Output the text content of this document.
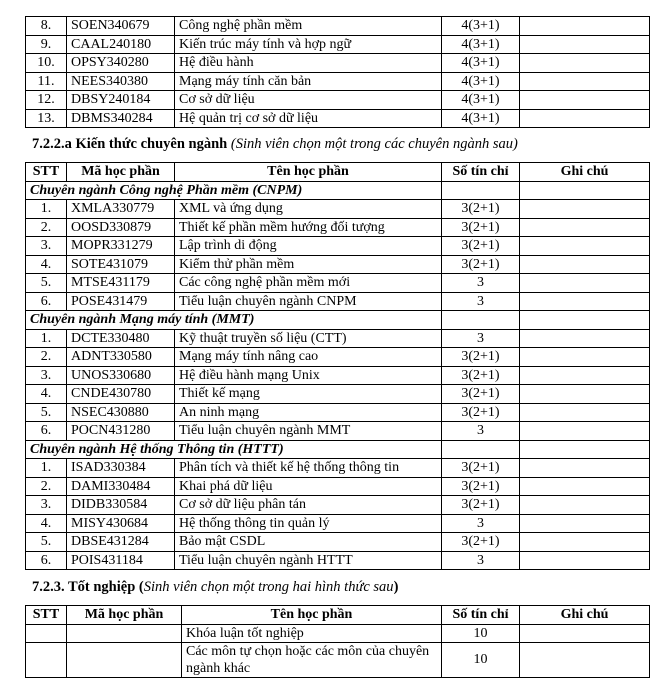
8.	SOEN340679	Công nghệ phần mềm	4(3+1)	
9.	CAAL240180	Kiến trúc máy tính và hợp ngữ	4(3+1)	
10.	OPSY340280	Hệ điều hành	4(3+1)	
11.	NEES340380	Mạng máy tính căn bản	4(3+1)	
12.	DBSY240184	Cơ sở dữ liệu	4(3+1)	
13.	DBMS340284	Hệ quản trị cơ sở dữ liệu	4(3+1)	
7.2.2.a Kiến thức chuyên ngành (Sinh viên chọn một trong các chuyên ngành sau)
STT	Mã học phần	Tên học phần	Số tín chỉ	Ghi chú
Chuyên ngành Công nghệ Phần mềm (CNPM)				
1.	XMLA330779	XML và ứng dụng	3(2+1)	
2.	OOSD330879	Thiết kế phần mềm hướng đối tượng	3(2+1)	
3.	MOPR331279	Lập trình di động	3(2+1)	
4.	SOTE431079	Kiểm thử phần mềm	3(2+1)	
5.	MTSE431179	Các công nghệ phần mềm mới	3	
6.	POSE431479	Tiểu luận chuyên ngành CNPM	3	
Chuyên ngành Mạng máy tính (MMT)				
1.	DCTE330480	Kỹ thuật truyền số liệu (CTT)	3	
2.	ADNT330580	Mạng máy tính nâng cao	3(2+1)	
3.	UNOS330680	Hệ điều hành mạng Unix	3(2+1)	
4.	CNDE430780	Thiết kế mạng	3(2+1)	
5.	NSEC430880	An ninh mạng	3(2+1)	
6.	POCN431280	Tiểu luận chuyên ngành MMT	3	
Chuyên ngành Hệ thống Thông tin (HTTT)				
1.	ISAD330384	Phân tích và thiết kế hệ thống thông tin	3(2+1)	
2.	DAMI330484	Khai phá dữ liệu	3(2+1)	
3.	DIDB330584	Cơ sở dữ liệu phân tán	3(2+1)	
4.	MISY430684	Hệ thống thông tin quản lý	3	
5.	DBSE431284	Bảo mật CSDL	3(2+1)	
6.	POIS431184	Tiểu luận chuyên ngành HTTT	3	
7.2.3. Tốt nghiệp (Sinh viên chọn một trong hai hình thức sau)
STT	Mã học phần	Tên học phần	Số tín chỉ	Ghi chú
		Khóa luận tốt nghiệp	10	
		Các môn tự chọn hoặc các môn của chuyên ngành khác	10	
